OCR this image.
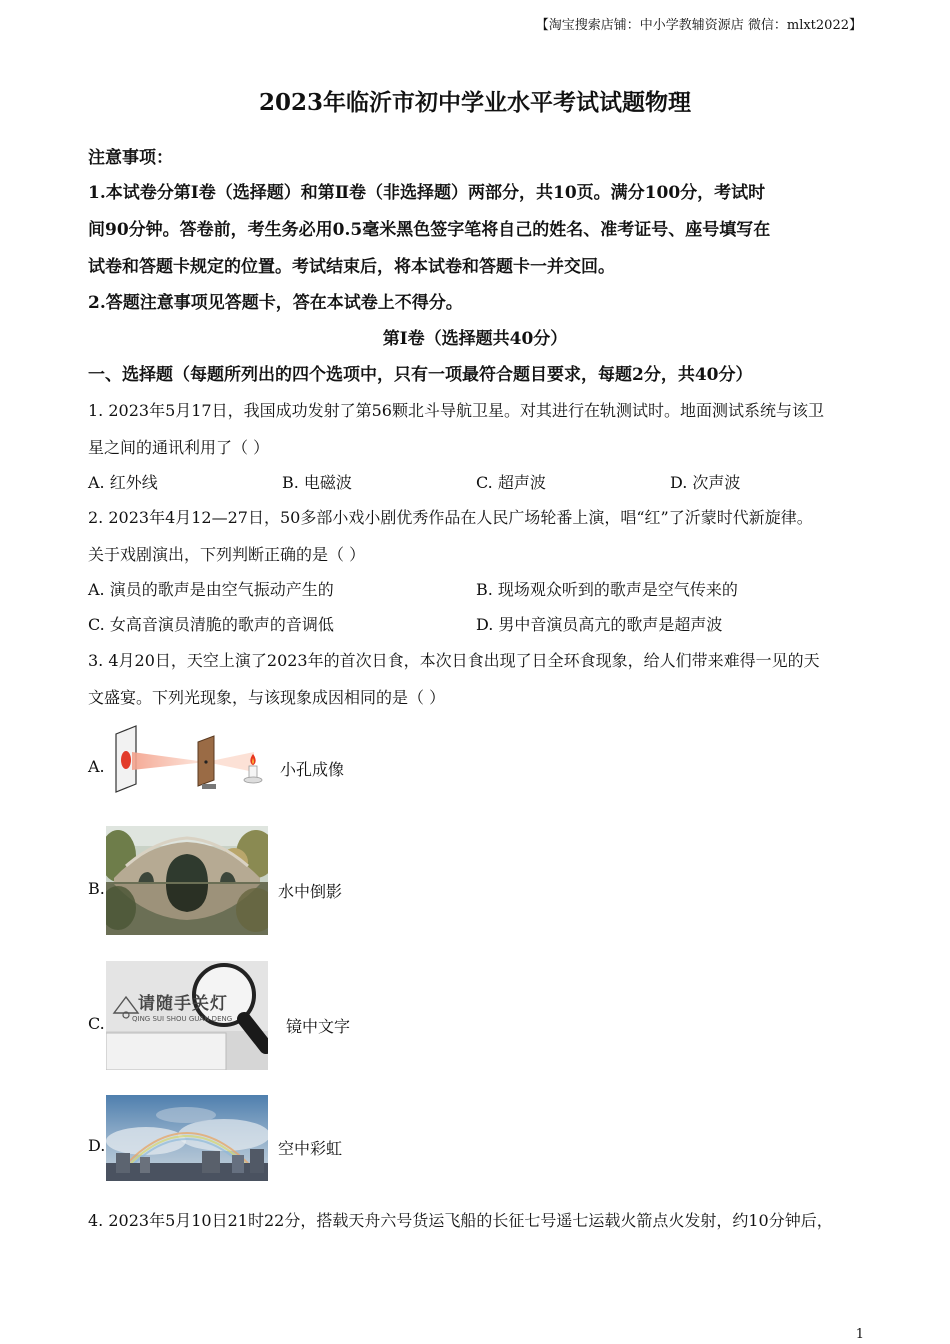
【淘宝搜索店铺：中小学教辅资源店 微信：mlxt2022】
2023年临沂市初中学业水平考试试题物理
注意事项：
1.本试卷分第Ⅰ卷（选择题）和第Ⅱ卷（非选择题）两部分，共10页。满分100分，考试时
间90分钟。答卷前，考生务必用0.5毫米黑色签字笔将自己的姓名、准考证号、座号填写在
试卷和答题卡规定的位置。考试结束后，将本试卷和答题卡一并交回。
2.答题注意事项见答题卡，答在本试卷上不得分。
第Ⅰ卷（选择题共40分）
一、选择题（每题所列出的四个选项中，只有一项最符合题目要求，每题2分，共40分）
1. 2023年5月17日，我国成功发射了第56颗北斗导航卫星。对其进行在轨测试时。地面测试系统与该卫
星之间的通讯利用了（ ）
A. 红外线	B. 电磁波	C. 超声波	D. 次声波
2. 2023年4月12—27日，50多部小戏小剧优秀作品在人民广场轮番上演，唱“红”了沂蒙时代新旋律。
关于戏剧演出，下列判断正确的是（ ）
A. 演员的歌声是由空气振动产生的	B. 现场观众听到的歌声是空气传来的
C. 女高音演员清脆的歌声的音调低	D. 男中音演员高亢的歌声是超声波
3. 4月20日，天空上演了2023年的首次日食，本次日食出现了日全环食现象，给人们带来难得一见的天
文盛宴。下列光现象，与该现象成因相同的是（ ）
A.	小孔成像
B.	水中倒影
C.
请随手关灯
QING SUI SHOU GUAN DENG	镜中文字
D.	空中彩虹
4. 2023年5月10日21时22分，搭载天舟六号货运飞船的长征七号遥七运载火箭点火发射，约10分钟后，
1
